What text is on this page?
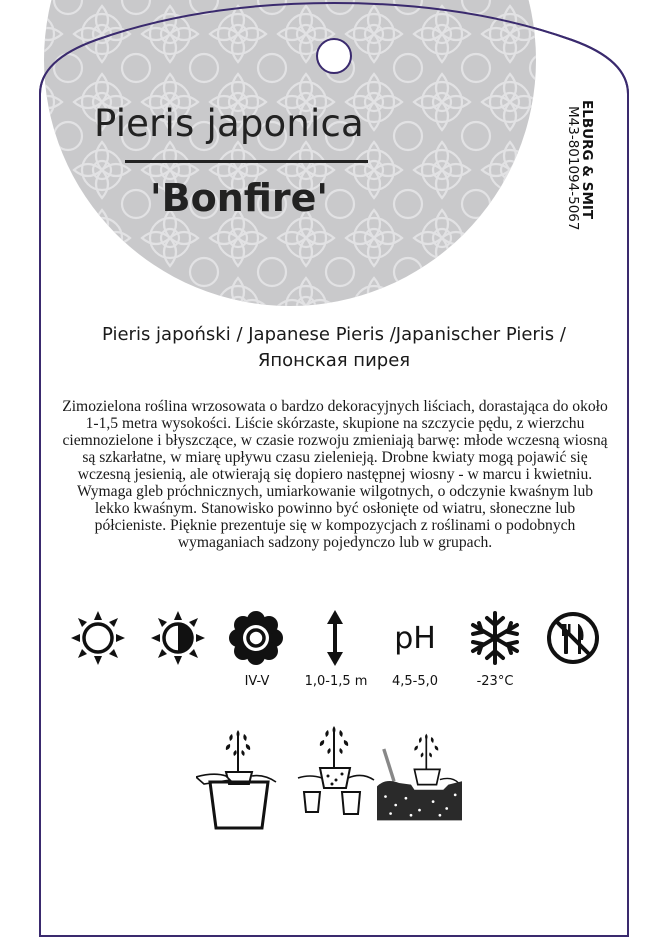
Pieris japonica
'Bonfire'	ELBURG & SMIT
M43-801094-5067
Pieris japoński / Japanese Pieris /Japanischer Pieris /
Японская пирея
Zimozielona roślina wrzosowata o bardzo dekoracyjnych liściach, dorastająca do około 1-1,5 metra wysokości. Liście skórzaste, skupione na szczycie pędu, z wierzchu ciemnozielone i błyszczące, w czasie rozwoju zmieniają barwę: młode wczesną wiosną są szkarłatne, w miarę upływu czasu zielenieją. Drobne kwiaty mogą pojawić się wczesną jesienią, ale otwierają się dopiero następnej wiosny - w marcu i kwietniu. Wymaga gleb próchnicznych, umiarkowanie wilgotnych, o odczynie kwaśnym lub lekko kwaśnym. Stanowisko powinno być osłonięte od wiatru, słoneczne lub półcieniste. Pięknie prezentuje się w kompozycjach z roślinami o podobnych wymaganiach sadzony pojedynczo lub w grupach.
pH
IV-V	1,0-1,5 m	4,5-5,0	-23°C
